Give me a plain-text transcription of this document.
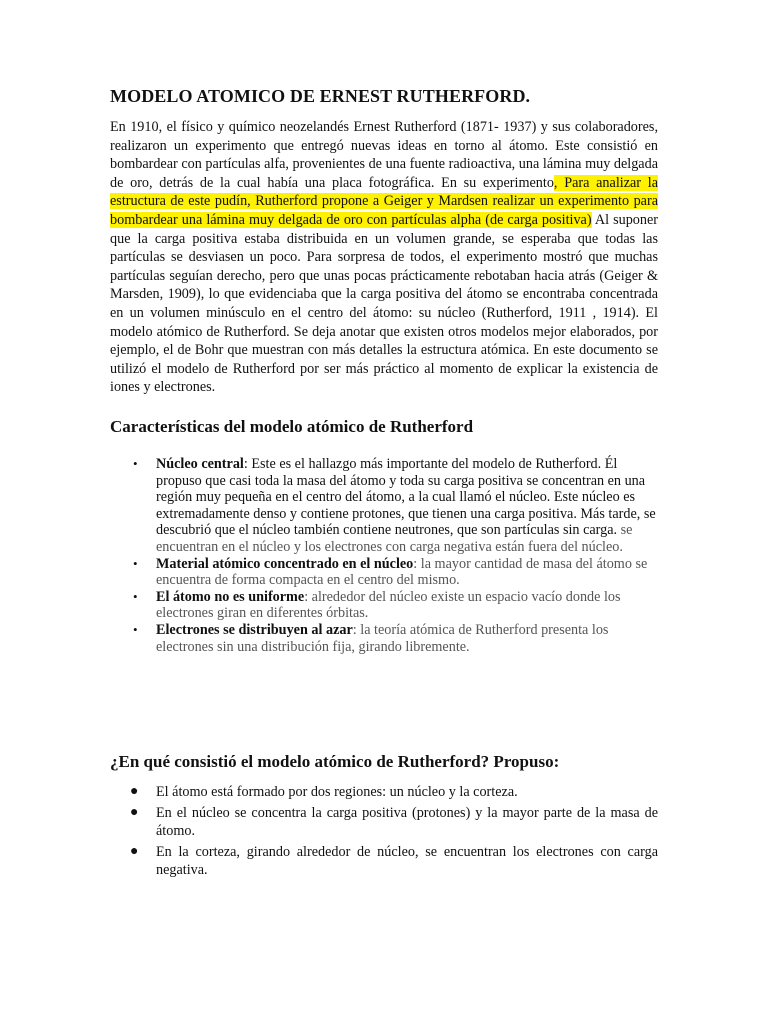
MODELO ATOMICO DE ERNEST RUTHERFORD.

En 1910, el físico y químico neozelandés Ernest Rutherford (1871- 1937) y sus colaboradores, realizaron un experimento que entregó nuevas ideas en torno al átomo. Este consistió en bombardear con partículas alfa, provenientes de una fuente radioactiva, una lámina muy delgada de oro, detrás de la cual había una placa fotográfica. En su experimento, Para analizar la estructura de este pudín, Rutherford propone a Geiger y Mardsen realizar un experimento para bombardear una lámina muy delgada de oro con partículas alpha (de carga positiva) Al suponer que la carga positiva estaba distribuida en un volumen grande, se esperaba que todas las partículas se desviasen un poco. Para sorpresa de todos, el experimento mostró que muchas partículas seguían derecho, pero que unas pocas prácticamente rebotaban hacia atrás (Geiger & Marsden, 1909), lo que evidenciaba que la carga positiva del átomo se encontraba concentrada en un volumen minúsculo en el centro del átomo: su núcleo (Rutherford, 1911 , 1914). El modelo atómico de Rutherford. Se deja anotar que existen otros modelos mejor elaborados, por ejemplo, el de Bohr que muestran con más detalles la estructura atómica. En este documento se utilizó el modelo de Rutherford por ser más práctico al momento de explicar la existencia de iones y electrones.

Características del modelo atómico de Rutherford
• Núcleo central: Este es el hallazgo más importante del modelo de Rutherford. Él propuso que casi toda la masa del átomo y toda su carga positiva se concentran en una región muy pequeña en el centro del átomo, a la cual llamó el núcleo. Este núcleo es extremadamente denso y contiene protones, que tienen una carga positiva. Más tarde, se descubrió que el núcleo también contiene neutrones, que son partículas sin carga. se encuentran en el núcleo y los electrones con carga negativa están fuera del núcleo.
• Material atómico concentrado en el núcleo: la mayor cantidad de masa del átomo se encuentra de forma compacta en el centro del mismo.
• El átomo no es uniforme: alrededor del núcleo existe un espacio vacío donde los electrones giran en diferentes órbitas.
• Electrones se distribuyen al azar: la teoría atómica de Rutherford presenta los electrones sin una distribución fija, girando libremente.
¿En qué consistió el modelo atómico de Rutherford? Propuso:
● El átomo está formado por dos regiones: un núcleo y la corteza.
● En el núcleo se concentra la carga positiva (protones) y la mayor parte de la masa de átomo.
● En la corteza, girando alrededor de núcleo, se encuentran los electrones con carga negativa.
